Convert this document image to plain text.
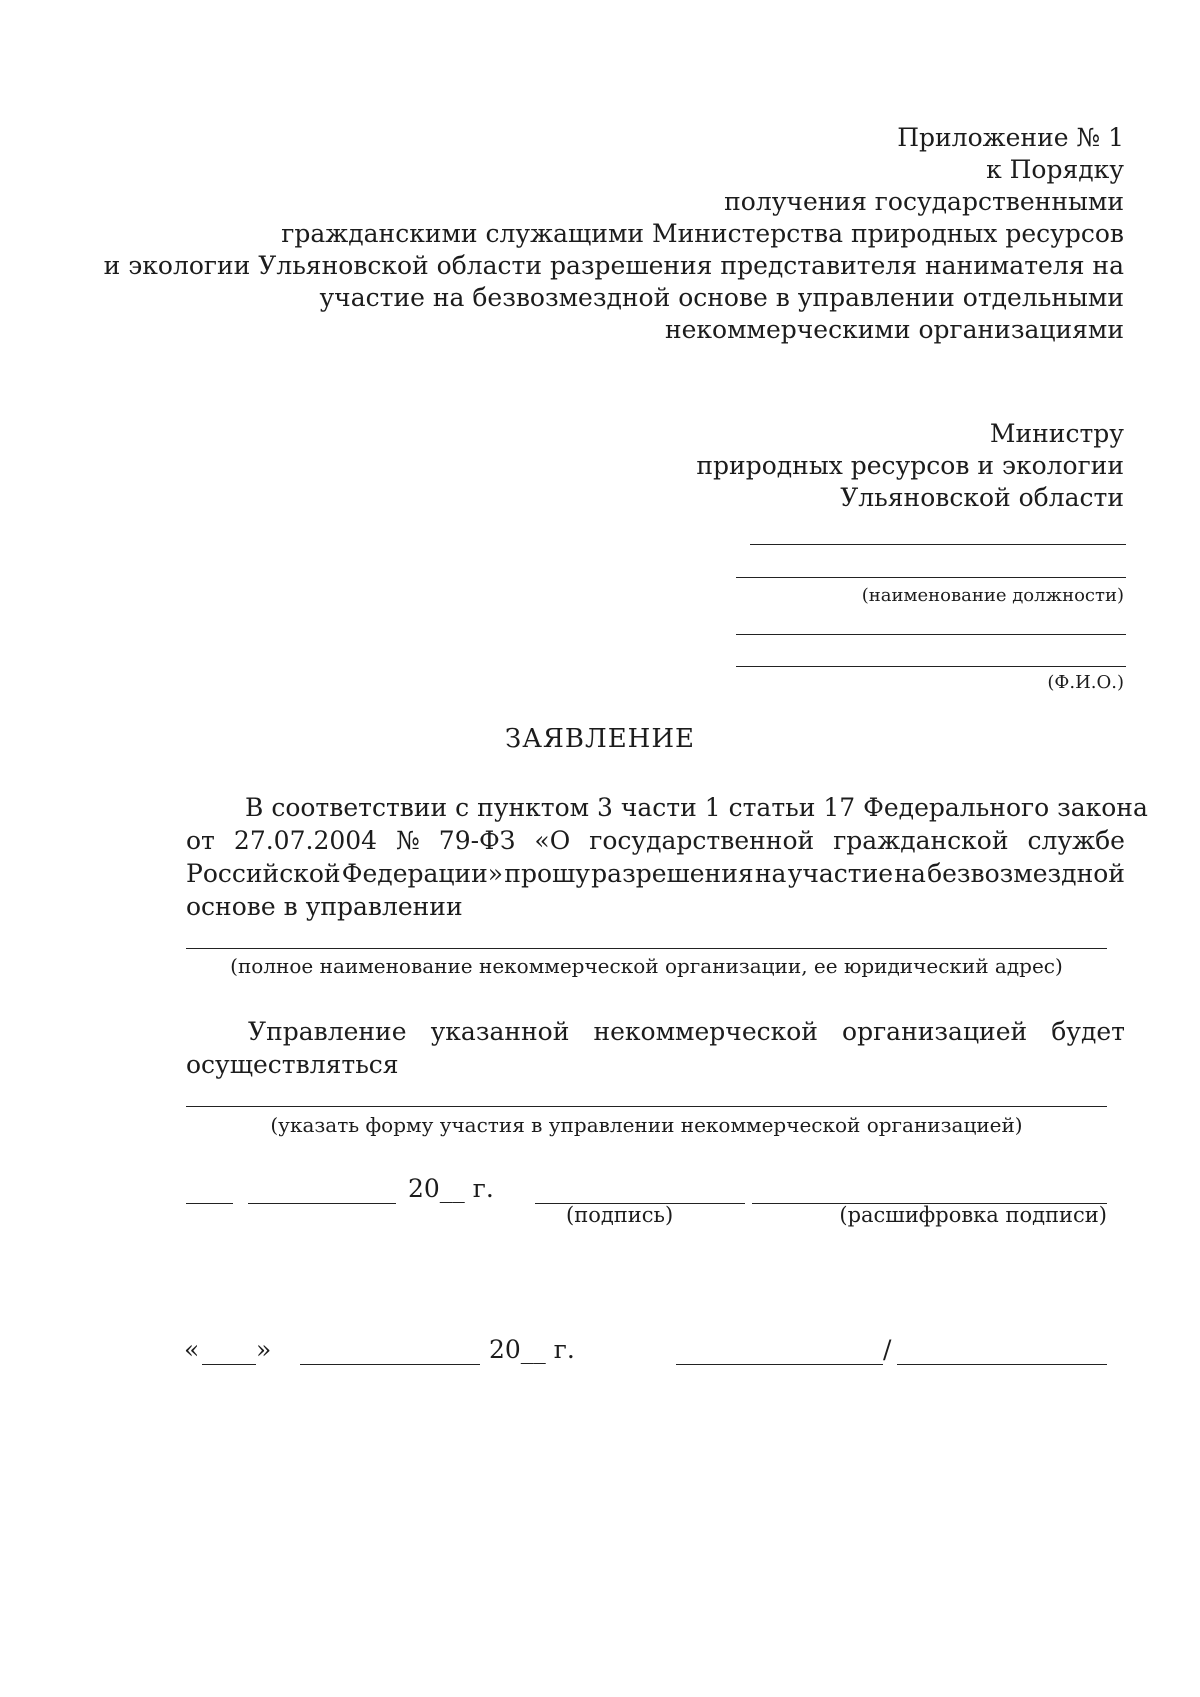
Приложение № 1
к Порядку
получения государственными
гражданскими служащими Министерства природных ресурсов
и экологии Ульяновской области разрешения представителя нанимателя на
участие на безвозмездной основе в управлении отдельными
некоммерческими организациями
Министру
природных ресурсов и экологии
Ульяновской области
(наименование должности)
(Ф.И.О.)
ЗАЯВЛЕНИЕ
В соответствии с пунктом 3 части 1 статьи 17 Федерального закона
от 27.07.2004 № 79-ФЗ «О государственной гражданской службе
Российской Федерации» прошу разрешения на участие на безвозмездной
основе в управлении
(полное наименование некоммерческой организации, ее юридический адрес)
Управление указанной некоммерческой организацией будет
осуществляться
(указать форму участия в управлении некоммерческой организацией)
20__ г.
(подпись)	(расшифровка подписи)
« »	20__ г.	/
